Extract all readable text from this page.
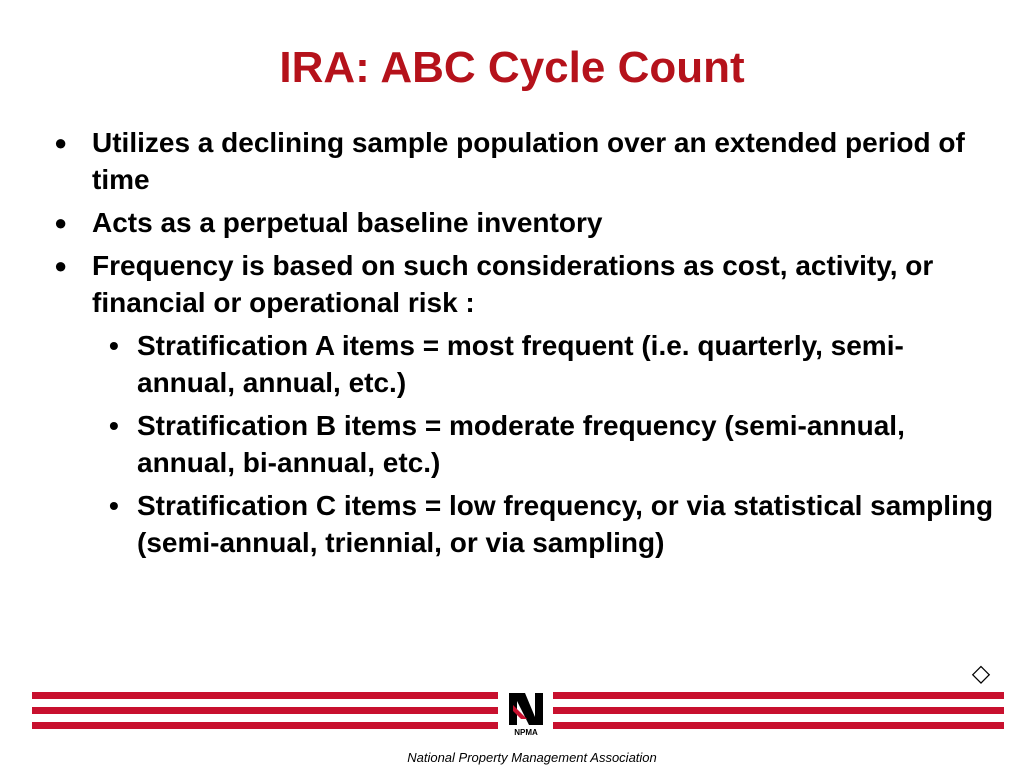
IRA: ABC Cycle Count
● Utilizes a declining sample population over an extended period of time
● Acts as a perpetual baseline inventory
● Frequency is based on such considerations as cost, activity, or financial or operational risk :
• Stratification A items = most frequent (i.e. quarterly, semi-annual, annual, etc.)
• Stratification B items = moderate frequency (semi-annual, annual, bi-annual, etc.)
• Stratification C items = low frequency, or via statistical sampling (semi-annual, triennial, or via sampling)
◇
NPMA
National Property Management Association
